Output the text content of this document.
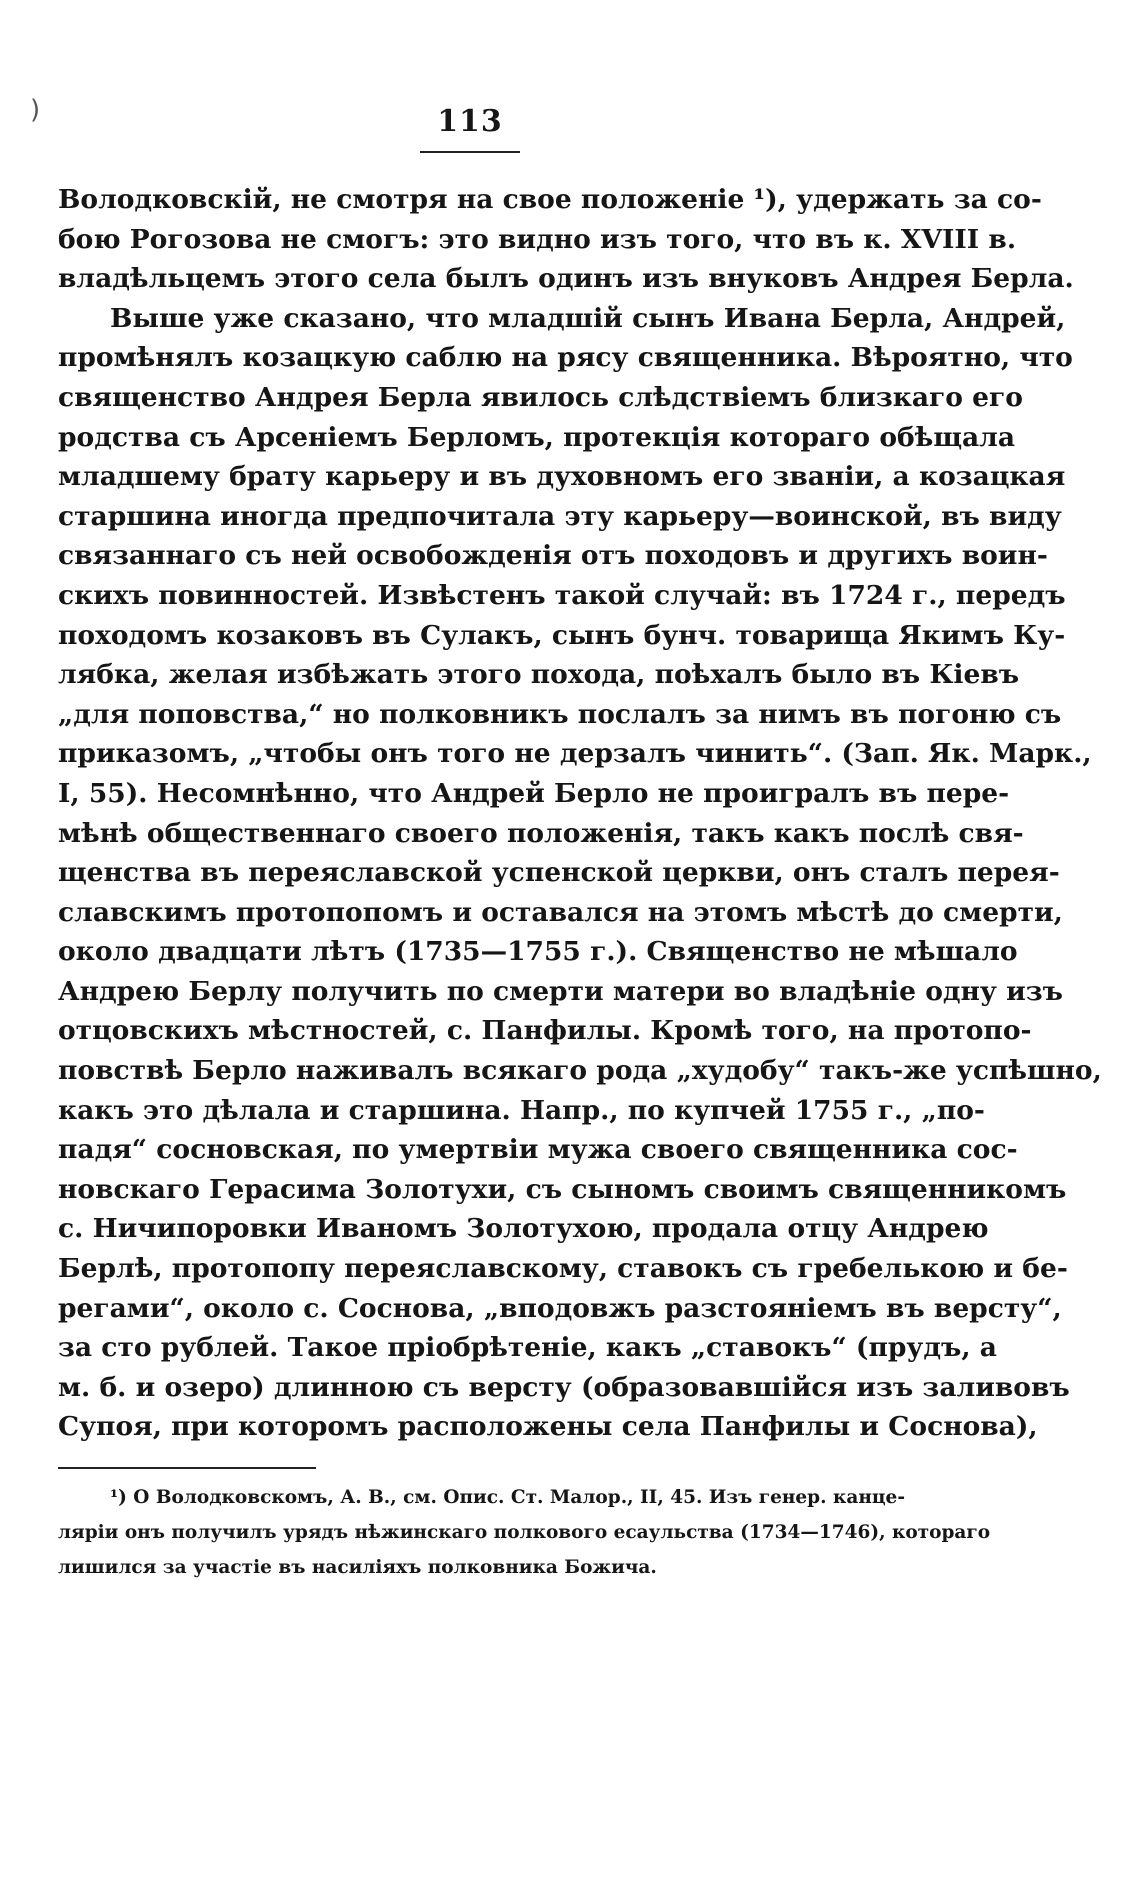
)	113
Володковскій, не смотря на свое положеніе ¹), удержать за со-
бою Рогозова не смогъ: это видно изъ того, что въ к. XVIII в.
владѣльцемъ этого села былъ одинъ изъ внуковъ Андрея Берла.
Выше уже сказано, что младшій сынъ Ивана Берла, Андрей,
промѣнялъ козацкую саблю на рясу священника. Вѣроятно, что
священство Андрея Берла явилось слѣдствіемъ близкаго его
родства съ Арсеніемъ Берломъ, протекція котораго обѣщала
младшему брату карьеру и въ духовномъ его званіи, а козацкая
старшина иногда предпочитала эту карьеру—воинской, въ виду
связаннаго съ ней освобожденія отъ походовъ и другихъ воин-
скихъ повинностей. Извѣстенъ такой случай: въ 1724 г., передъ
походомъ козаковъ въ Сулакъ, сынъ бунч. товарища Якимъ Ку-
лябка, желая избѣжать этого похода, поѣхалъ было въ Кіевъ
„для поповства,“ но полковникъ послалъ за нимъ въ погоню съ
приказомъ, „чтобы онъ того не дерзалъ чинить“. (Зап. Як. Марк.,
I, 55). Несомнѣнно, что Андрей Берло не проигралъ въ пере-
мѣнѣ общественнаго своего положенія, такъ какъ послѣ свя-
щенства въ переяславской успенской церкви, онъ сталъ перея-
славскимъ протопопомъ и оставался на этомъ мѣстѣ до смерти,
около двадцати лѣтъ (1735—1755 г.). Священство не мѣшало
Андрею Берлу получить по смерти матери во владѣніе одну изъ
отцовскихъ мѣстностей, с. Панфилы. Кромѣ того, на протопо-
повствѣ Берло наживалъ всякаго рода „худобу“ такъ-же успѣшно,
какъ это дѣлала и старшина. Напр., по купчей 1755 г., „по-
падя“ сосновская, по умертвіи мужа своего священника сос-
новскаго Герасима Золотухи, съ сыномъ своимъ священникомъ
с. Ничипоровки Иваномъ Золотухою, продала отцу Андрею
Берлѣ, протопопу переяславскому, ставокъ съ гребелькою и бе-
регами“, около с. Соснова, „вподовжъ разстояніемъ въ версту“,
за сто рублей. Такое пріобрѣтеніе, какъ „ставокъ“ (прудъ, а
м. б. и озеро) длинною съ версту (образовавшійся изъ заливовъ
Супоя, при которомъ расположены села Панфилы и Соснова),
¹) О Володковскомъ, А. В., см. Опис. Ст. Малор., II, 45. Изъ генер. канце-
ляріи онъ получилъ урядъ нѣжинскаго полкового есаульства (1734—1746), котораго
лишился за участіе въ насиліяхъ полковника Божича.
